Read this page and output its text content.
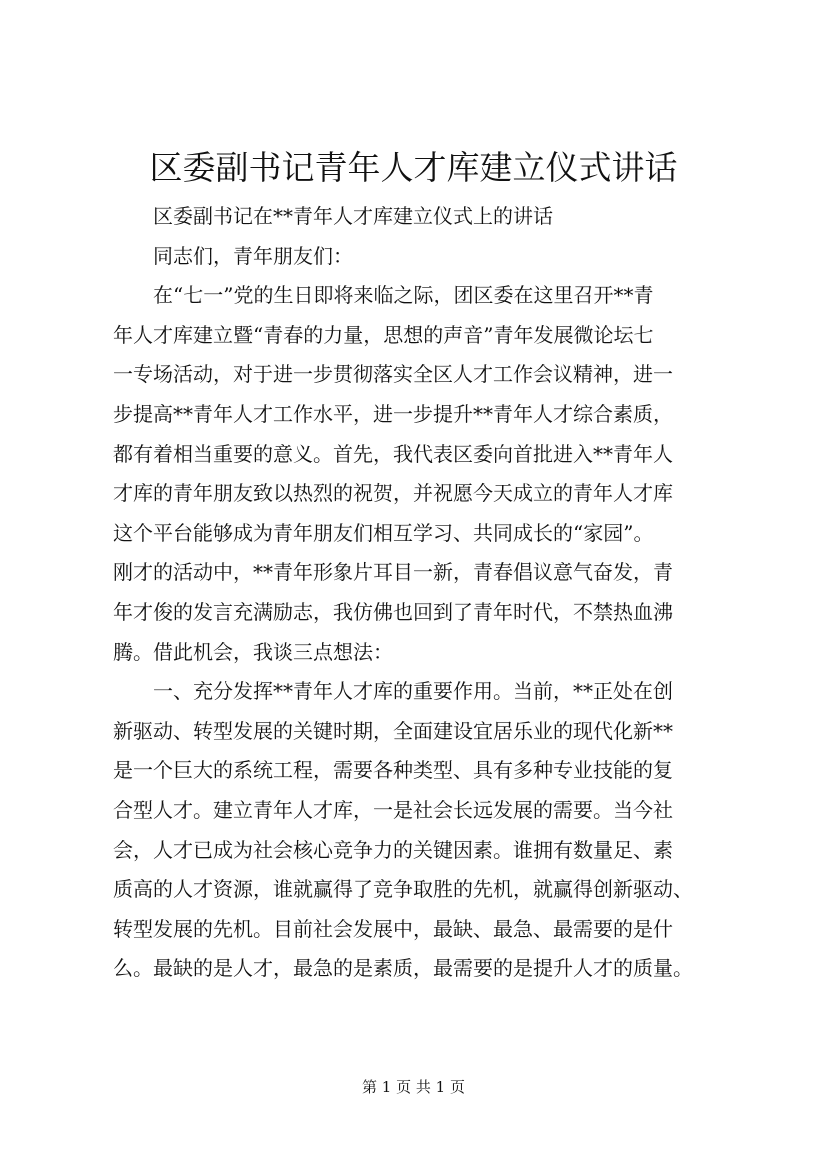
区委副书记青年人才库建立仪式讲话
区委副书记在**青年人才库建立仪式上的讲话
同志们，青年朋友们：
在“七一”党的生日即将来临之际，团区委在这里召开**青
年人才库建立暨“青春的力量，思想的声音”青年发展微论坛七
一专场活动，对于进一步贯彻落实全区人才工作会议精神，进一
步提高**青年人才工作水平，进一步提升**青年人才综合素质，
都有着相当重要的意义。首先，我代表区委向首批进入**青年人
才库的青年朋友致以热烈的祝贺，并祝愿今天成立的青年人才库
这个平台能够成为青年朋友们相互学习、共同成长的“家园”。
刚才的活动中，**青年形象片耳目一新，青春倡议意气奋发，青
年才俊的发言充满励志，我仿佛也回到了青年时代，不禁热血沸
腾。借此机会，我谈三点想法：
一、充分发挥**青年人才库的重要作用。当前，**正处在创
新驱动、转型发展的关键时期，全面建设宜居乐业的现代化新**
是一个巨大的系统工程，需要各种类型、具有多种专业技能的复
合型人才。建立青年人才库，一是社会长远发展的需要。当今社
会，人才已成为社会核心竞争力的关键因素。谁拥有数量足、素
质高的人才资源，谁就赢得了竞争取胜的先机，就赢得创新驱动、
转型发展的先机。目前社会发展中，最缺、最急、最需要的是什
么。最缺的是人才，最急的是素质，最需要的是提升人才的质量。
第 1 页 共 1 页
